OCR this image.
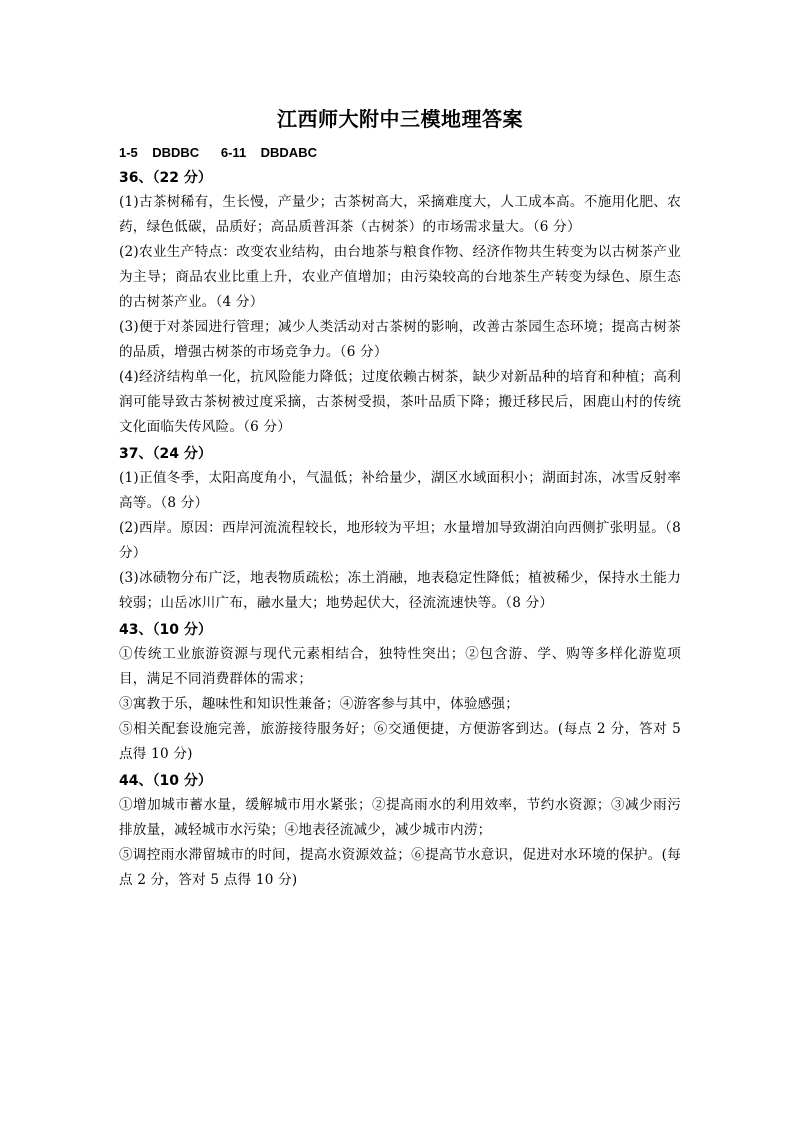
江西师大附中三模地理答案

1-5 DBDBC 6-11 DBDABC

36、（22 分）

(1)古茶树稀有，生长慢，产量少；古茶树高大，采摘难度大，人工成本高。不施用化肥、农药，绿色低碳，品质好；高品质普洱茶（古树茶）的市场需求量大。（6 分）

(2)农业生产特点：改变农业结构，由台地茶与粮食作物、经济作物共生转变为以古树茶产业为主导；商品农业比重上升，农业产值增加；由污染较高的台地茶生产转变为绿色、原生态的古树茶产业。（4 分）

(3)便于对茶园进行管理；减少人类活动对古茶树的影响，改善古茶园生态环境；提高古树茶的品质，增强古树茶的市场竞争力。（6 分）

(4)经济结构单一化，抗风险能力降低；过度依赖古树茶，缺少对新品种的培育和种植；高利润可能导致古茶树被过度采摘，古茶树受损，茶叶品质下降；搬迁移民后，困鹿山村的传统文化面临失传风险。（6 分）

37、（24 分）

(1)正值冬季，太阳高度角小，气温低；补给量少，湖区水域面积小；湖面封冻，冰雪反射率高等。（8 分）

(2)西岸。原因：西岸河流流程较长，地形较为平坦；水量增加导致湖泊向西侧扩张明显。（8 分）

(3)冰碛物分布广泛，地表物质疏松；冻土消融，地表稳定性降低；植被稀少，保持水土能力较弱；山岳冰川广布，融水量大；地势起伏大，径流流速快等。（8 分）

43、（10 分）

①传统工业旅游资源与现代元素相结合，独特性突出；②包含游、学、购等多样化游览项目，满足不同消费群体的需求；

③寓教于乐，趣味性和知识性兼备；④游客参与其中，体验感强；

⑤相关配套设施完善，旅游接待服务好；⑥交通便捷，方便游客到达。(每点 2 分，答对 5 点得 10 分)

44、（10 分）

①增加城市蓄水量，缓解城市用水紧张；②提高雨水的利用效率，节约水资源；③减少雨污排放量，减轻城市水污染；④地表径流减少，减少城市内涝；

⑤调控雨水滞留城市的时间，提高水资源效益；⑥提高节水意识，促进对水环境的保护。(每点 2 分，答对 5 点得 10 分)
